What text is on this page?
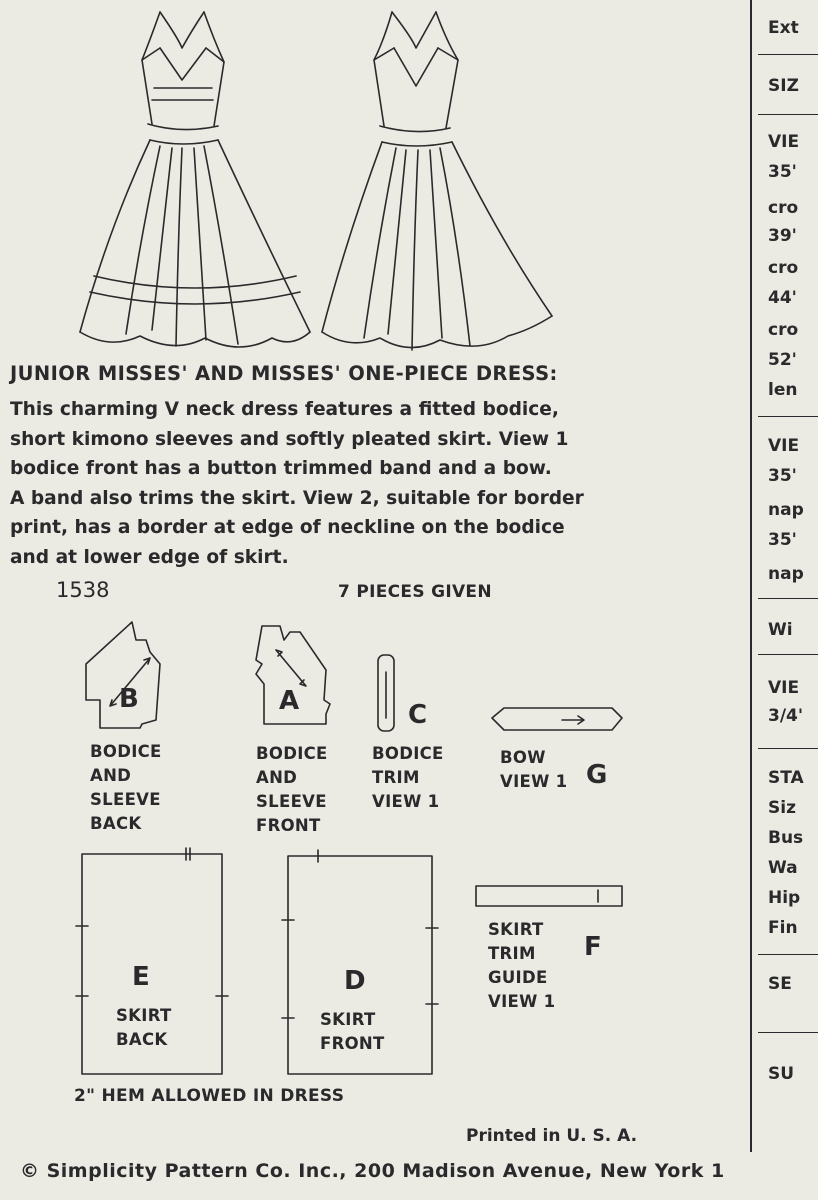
JUNIOR MISSES' AND MISSES' ONE-PIECE DRESS:
This charming V neck dress features a fitted bodice,
short kimono sleeves and softly pleated skirt. View 1
bodice front has a button trimmed band and a bow.
A band also trims the skirt. View 2, suitable for border
print, has a border at edge of neckline on the bodice
and at lower edge of skirt.
1538	7 PIECES GIVEN
B
BODICE
AND
SLEEVE
BACK
A
BODICE
AND
SLEEVE
FRONT
C
BODICE
TRIM
VIEW 1
BOW
VIEW 1 G
E
SKIRT
BACK
D
SKIRT
FRONT
SKIRT
TRIM
GUIDE
VIEW 1
F
2" HEM ALLOWED IN DRESS
Printed in U. S. A.
© Simplicity Pattern Co. Inc., 200 Madison Avenue, New York 1
Ext
SIZ
VIE
35'
cro
39'
cro
44'
cro
52'
len
VIE
35'
nap
35'
nap
Wi
VIE
3/4'
STA
Siz
Bus
Wa
Hip
Fin
SE
SU
